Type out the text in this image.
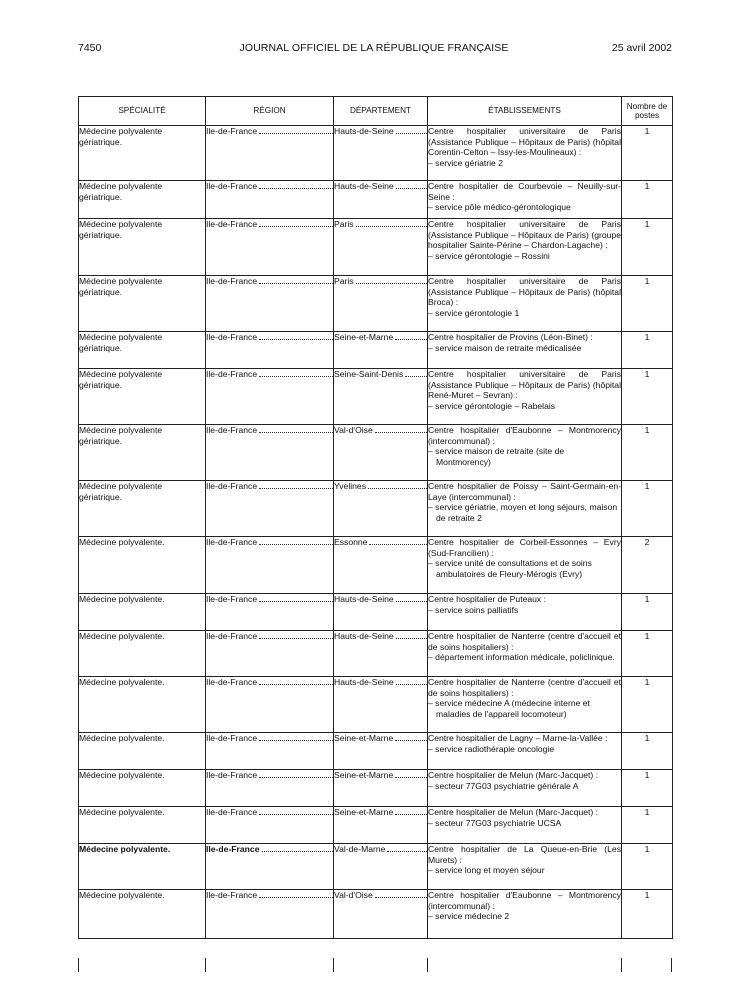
7450	JOURNAL OFFICIEL DE LA RÉPUBLIQUE FRANÇAISE	25 avril 2002
SPÉCIALITÉ	RÉGION	DÉPARTEMENT	ÉTABLISSEMENTS	Nombre de postes
Médecine polyvalente gériatrique.	Ile-de-France	Hauts-de-Seine	Centre hospitalier universitaire de Paris (Assistance Publique – Hôpitaux de Paris) (hôpital Corentin-Celton – Issy-les-Moulineaux) :
– service gériatrie 2	1
Médecine polyvalente gériatrique.	Ile-de-France	Hauts-de-Seine	Centre hospitalier de Courbevoie – Neuilly-sur-Seine :
– service pôle médico-gérontologique	1
Médecine polyvalente gériatrique.	Ile-de-France	Paris	Centre hospitalier universitaire de Paris (Assistance Publique – Hôpitaux de Paris) (groupe hospitalier Sainte-Périne – Chardon-Lagache) :
– service gérontologie – Rossini	1
Médecine polyvalente gériatrique.	Ile-de-France	Paris	Centre hospitalier universitaire de Paris (Assistance Publique – Hôpitaux de Paris) (hôpital Broca) :
– service gérontologie 1	1
Médecine polyvalente gériatrique.	Ile-de-France	Seine-et-Marne	Centre hospitalier de Provins (Léon-Binet) :
– service maison de retraite médicalisée	1
Médecine polyvalente gériatrique.	Ile-de-France	Seine-Saint-Denis	Centre hospitalier universitaire de Paris (Assistance Publique – Hôpitaux de Paris) (hôpital René-Muret – Sevran) :
– service gérontologie – Rabelais	1
Médecine polyvalente gériatrique.	Ile-de-France	Val-d'Oise	Centre hospitalier d'Eaubonne – Montmorency (intercommunal) :
– service maison de retraite (site de Montmorency)	1
Médecine polyvalente gériatrique.	Ile-de-France	Yvelines	Centre hospitalier de Poissy – Saint-Germain-en-Laye (intercommunal) :
– service gériatrie, moyen et long séjours, maison de retraite 2	1
Médecine polyvalente.	Ile-de-France	Essonne	Centre hospitalier de Corbeil-Essonnes – Evry (Sud-Francilien) :
– service unité de consultations et de soins ambulatoires de Fleury-Mérogis (Evry)	2
Médecine polyvalente.	Ile-de-France	Hauts-de-Seine	Centre hospitalier de Puteaux :
– service soins palliatifs	1
Médecine polyvalente.	Ile-de-France	Hauts-de-Seine	Centre hospitalier de Nanterre (centre d'accueil et de soins hospitaliers) :
– département information médicale, policlinique.	1
Médecine polyvalente.	Ile-de-France	Hauts-de-Seine	Centre hospitalier de Nanterre (centre d'accueil et de soins hospitaliers) :
– service médecine A (médecine interne et maladies de l'appareil locomoteur)	1
Médecine polyvalente.	Ile-de-France	Seine-et-Marne	Centre hospitalier de Lagny – Marne-la-Vallée :
– service radiothérapie oncologie	1
Médecine polyvalente.	Ile-de-France	Seine-et-Marne	Centre hospitalier de Melun (Marc-Jacquet) :
– secteur 77G03 psychiatrie générale A	1
Médecine polyvalente.	Ile-de-France	Seine-et-Marne	Centre hospitalier de Melun (Marc-Jacquet) :
– secteur 77G03 psychiatrie UCSA	1
Médecine polyvalente.	Ile-de-France	Val-de-Marne	Centre hospitalier de La Queue-en-Brie (Les Murets) :
– service long et moyen séjour	1
Médecine polyvalente.	Ile-de-France	Val-d'Oise	Centre hospitalier d'Eaubonne – Montmorency (intercommunal) :
– service médecine 2	1
